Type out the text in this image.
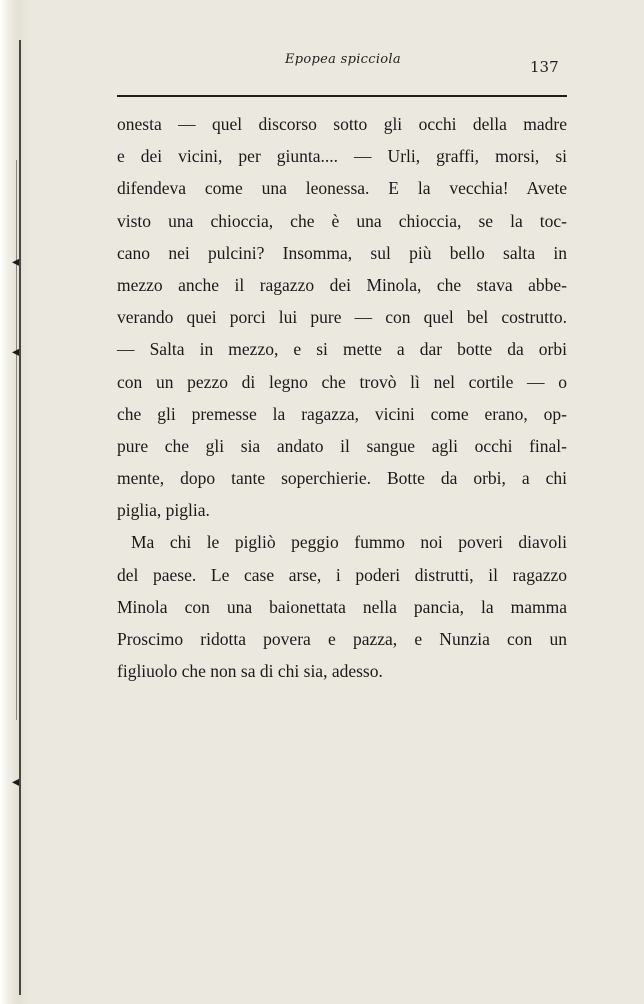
◂
◂
◂
Epopea spicciola	137
onesta — quel discorso sotto gli occhi della madre
e dei vicini, per giunta.... — Urli, graffi, morsi, si
difendeva come una leonessa. E la vecchia! Avete
visto una chioccia, che è una chioccia, se la toc-
cano nei pulcini? Insomma, sul più bello salta in
mezzo anche il ragazzo dei Minola, che stava abbe-
verando quei porci lui pure — con quel bel costrutto.
— Salta in mezzo, e si mette a dar botte da orbi
con un pezzo di legno che trovò lì nel cortile — o
che gli premesse la ragazza, vicini come erano, op-
pure che gli sia andato il sangue agli occhi final-
mente, dopo tante soperchierie. Botte da orbi, a chi
piglia, piglia.
Ma chi le pigliò peggio fummo noi poveri diavoli
del paese. Le case arse, i poderi distrutti, il ragazzo
Minola con una baionettata nella pancia, la mamma
Proscimo ridotta povera e pazza, e Nunzia con un
figliuolo che non sa di chi sia, adesso.
